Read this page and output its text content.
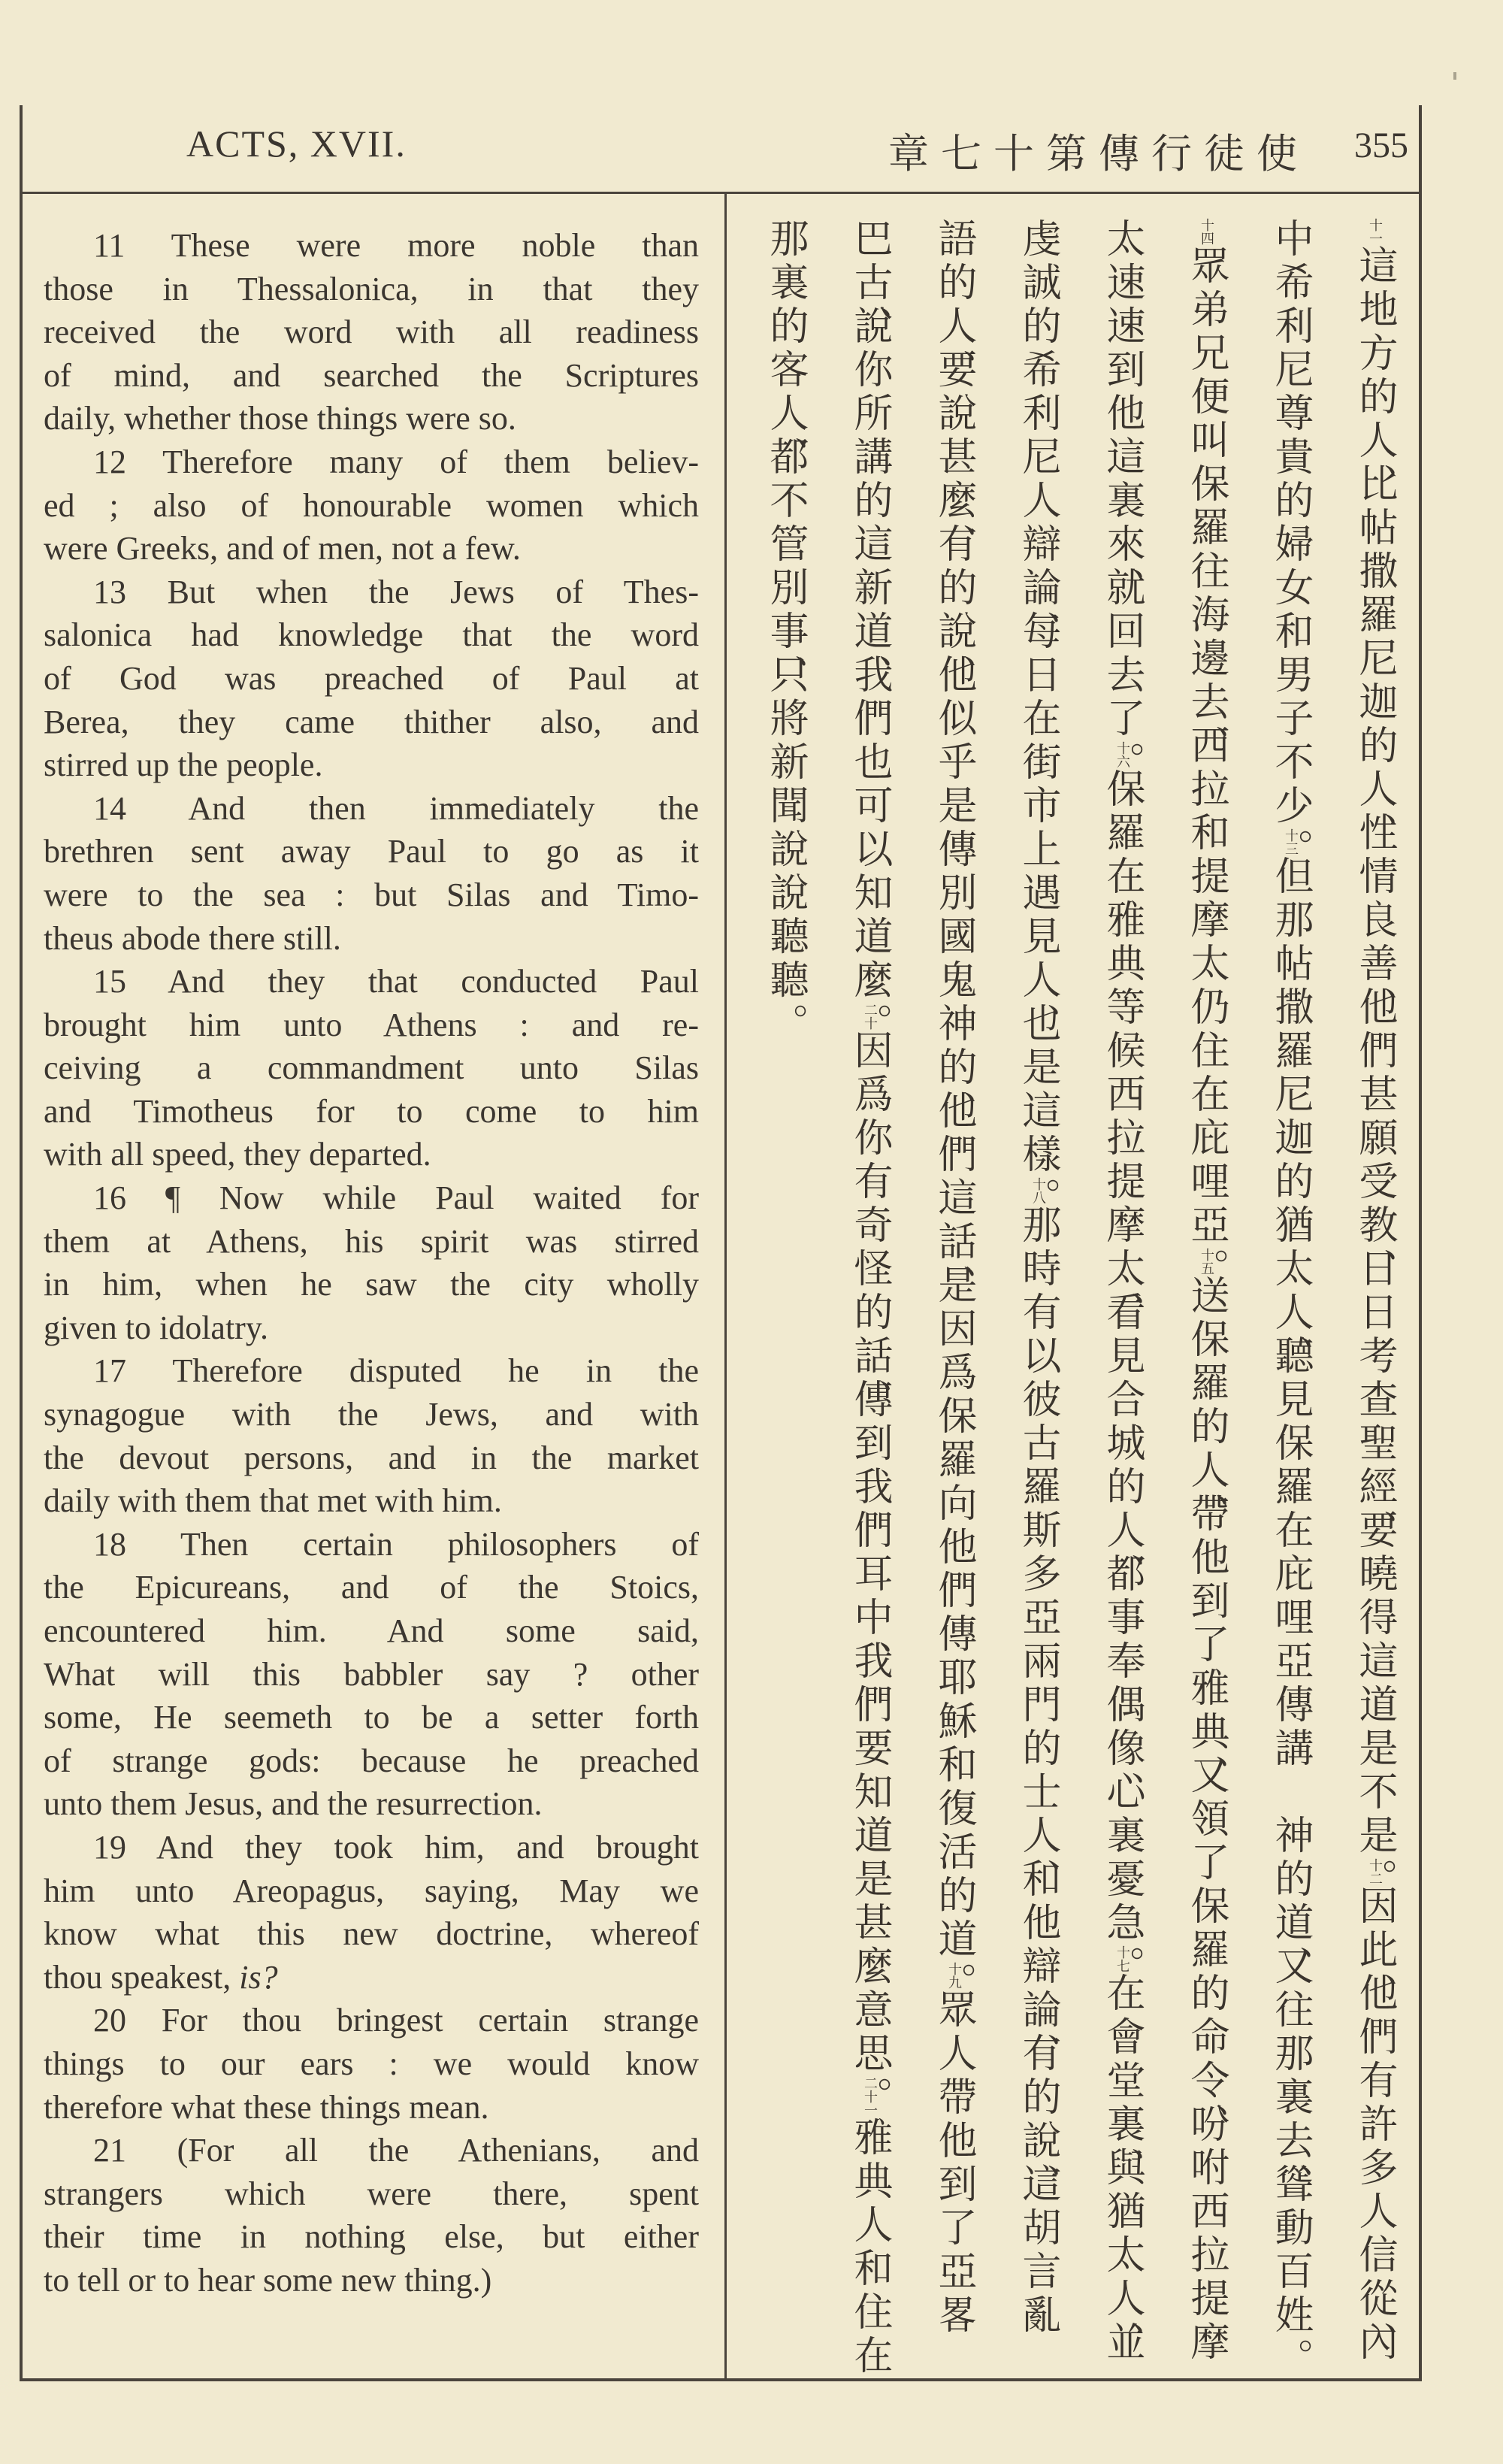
ACTS, XVII.	使徒行傳第十七章 355
11 These were more noble than
those in Thessalonica, in that they
received the word with all readiness
of mind, and searched the Scriptures
daily, whether those things were so.
12 Therefore many of them believ-
ed ; also of honourable women which
were Greeks, and of men, not a few.
13 But when the Jews of Thes-
salonica had knowledge that the word
of God was preached of Paul at
Berea, they came thither also, and
stirred up the people.
14 And then immediately the
brethren sent away Paul to go as it
were to the sea : but Silas and Timo-
theus abode there still.
15 And they that conducted Paul
brought him unto Athens : and re-
ceiving a commandment unto Silas
and Timotheus for to come to him
with all speed, they departed.
16 ¶ Now while Paul waited for
them at Athens, his spirit was stirred
in him, when he saw the city wholly
given to idolatry.
17 Therefore disputed he in the
synagogue with the Jews, and with
the devout persons, and in the market
daily with them that met with him.
18 Then certain philosophers of
the Epicureans, and of the Stoics,
encountered him. And some said,
What will this babbler say ? other
some, He seemeth to be a setter forth
of strange gods: because he preached
unto them Jesus, and the resurrection.
19 And they took him, and brought
him unto Areopagus, saying, May we
know what this new doctrine, whereof
thou speakest, is?
20 For thou bringest certain strange
things to our ears : we would know
therefore what these things mean.
21 (For all the Athenians, and
strangers which were there, spent
their time in nothing else, but either
to tell or to hear some new thing.)
十一這地方的人比帖撒羅尼迦的人性情良善他們甚願受教日日考查聖經要曉得這道是不是十二因此他們有許多人信從內
中希利尼尊貴的婦女和男子不少十三但那帖撒羅尼迦的猶太人聽見保羅在庇哩亞傳講　神的道又往那裏去聳動百姓
十四眾弟兄便叫保羅往海邊去西拉和提摩太仍住在庇哩亞十五送保羅的人帶他到了雅典又領了保羅的命令吩咐西拉提摩
太速速到他這裏來就回去了十六保羅在雅典等候西拉提摩太看見合城的人都事奉偶像心裏憂急十七在會堂裏與猶太人並
虔誠的希利尼人辯論每日在街市上遇見人也是這樣十八那時有以彼古羅斯多亞兩門的士人和他辯論有的說這胡言亂
語的人要說甚麼有的說他似乎是傳別國鬼神的他們這話是因爲保羅向他們傳耶穌和復活的道十九眾人帶他到了亞畧
巴古說你所講的這新道我們也可以知道麼二十因爲你有奇怪的話傳到我們耳中我們要知道是甚麼意思二十一雅典人和住在
那裏的客人都不管別事只將新聞說說聽聽
